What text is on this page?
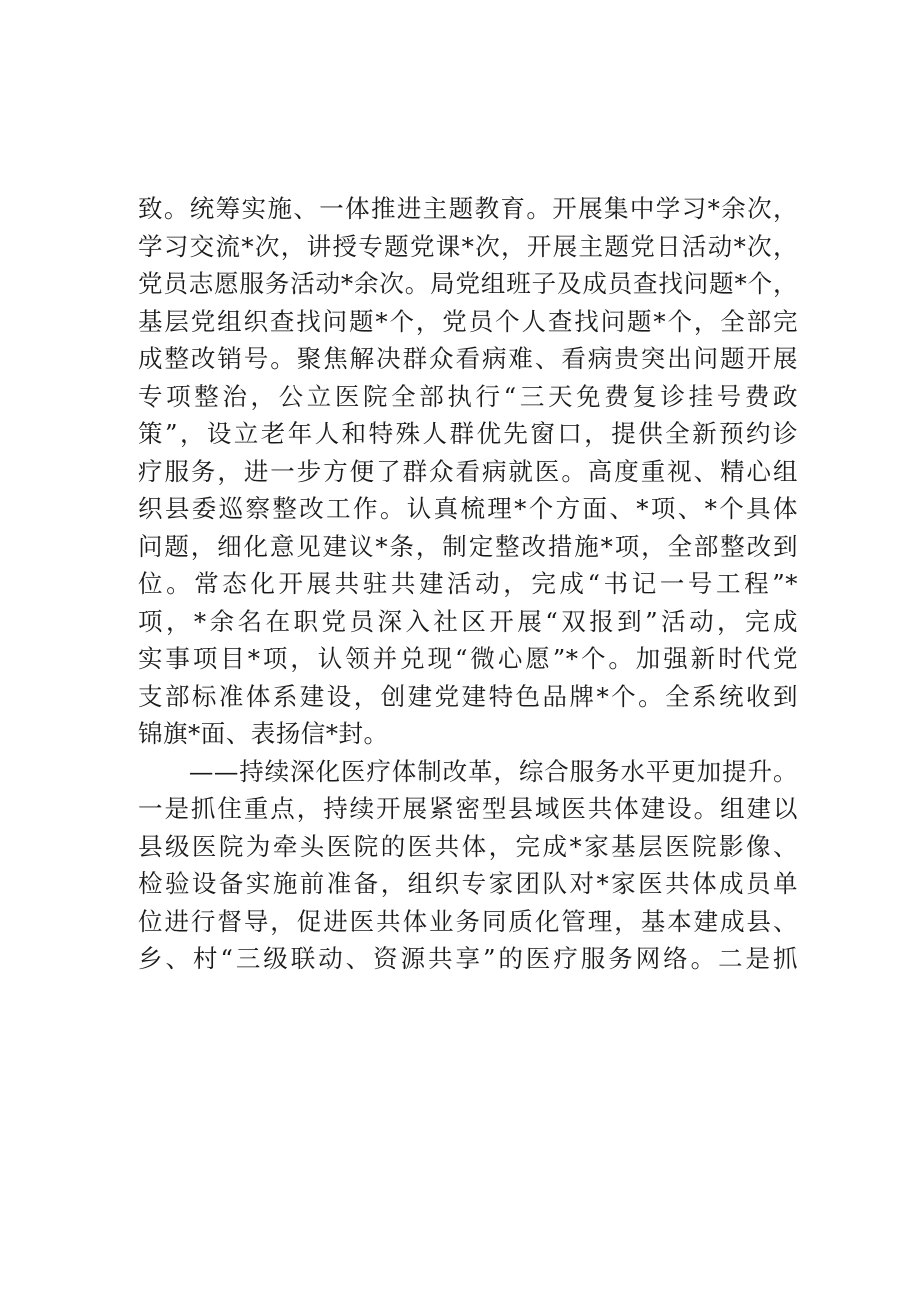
致。统筹实施、一体推进主题教育。开展集中学习*余次，
学习交流*次，讲授专题党课*次，开展主题党日活动*次，
党员志愿服务活动*余次。局党组班子及成员查找问题*个，
基层党组织查找问题*个，党员个人查找问题*个，全部完
成整改销号。聚焦解决群众看病难、看病贵突出问题开展
专项整治，公立医院全部执行“三天免费复诊挂号费政
策”，设立老年人和特殊人群优先窗口，提供全新预约诊
疗服务，进一步方便了群众看病就医。高度重视、精心组
织县委巡察整改工作。认真梳理*个方面、*项、*个具体
问题，细化意见建议*条，制定整改措施*项，全部整改到
位。常态化开展共驻共建活动，完成“书记一号工程”*
项，*余名在职党员深入社区开展“双报到”活动，完成
实事项目*项，认领并兑现“微心愿”*个。加强新时代党
支部标准体系建设，创建党建特色品牌*个。全系统收到
锦旗*面、表扬信*封。
　　——持续深化医疗体制改革，综合服务水平更加提升。
一是抓住重点，持续开展紧密型县域医共体建设。组建以
县级医院为牵头医院的医共体，完成*家基层医院影像、
检验设备实施前准备，组织专家团队对*家医共体成员单
位进行督导，促进医共体业务同质化管理，基本建成县、
乡、村“三级联动、资源共享”的医疗服务网络。二是抓
